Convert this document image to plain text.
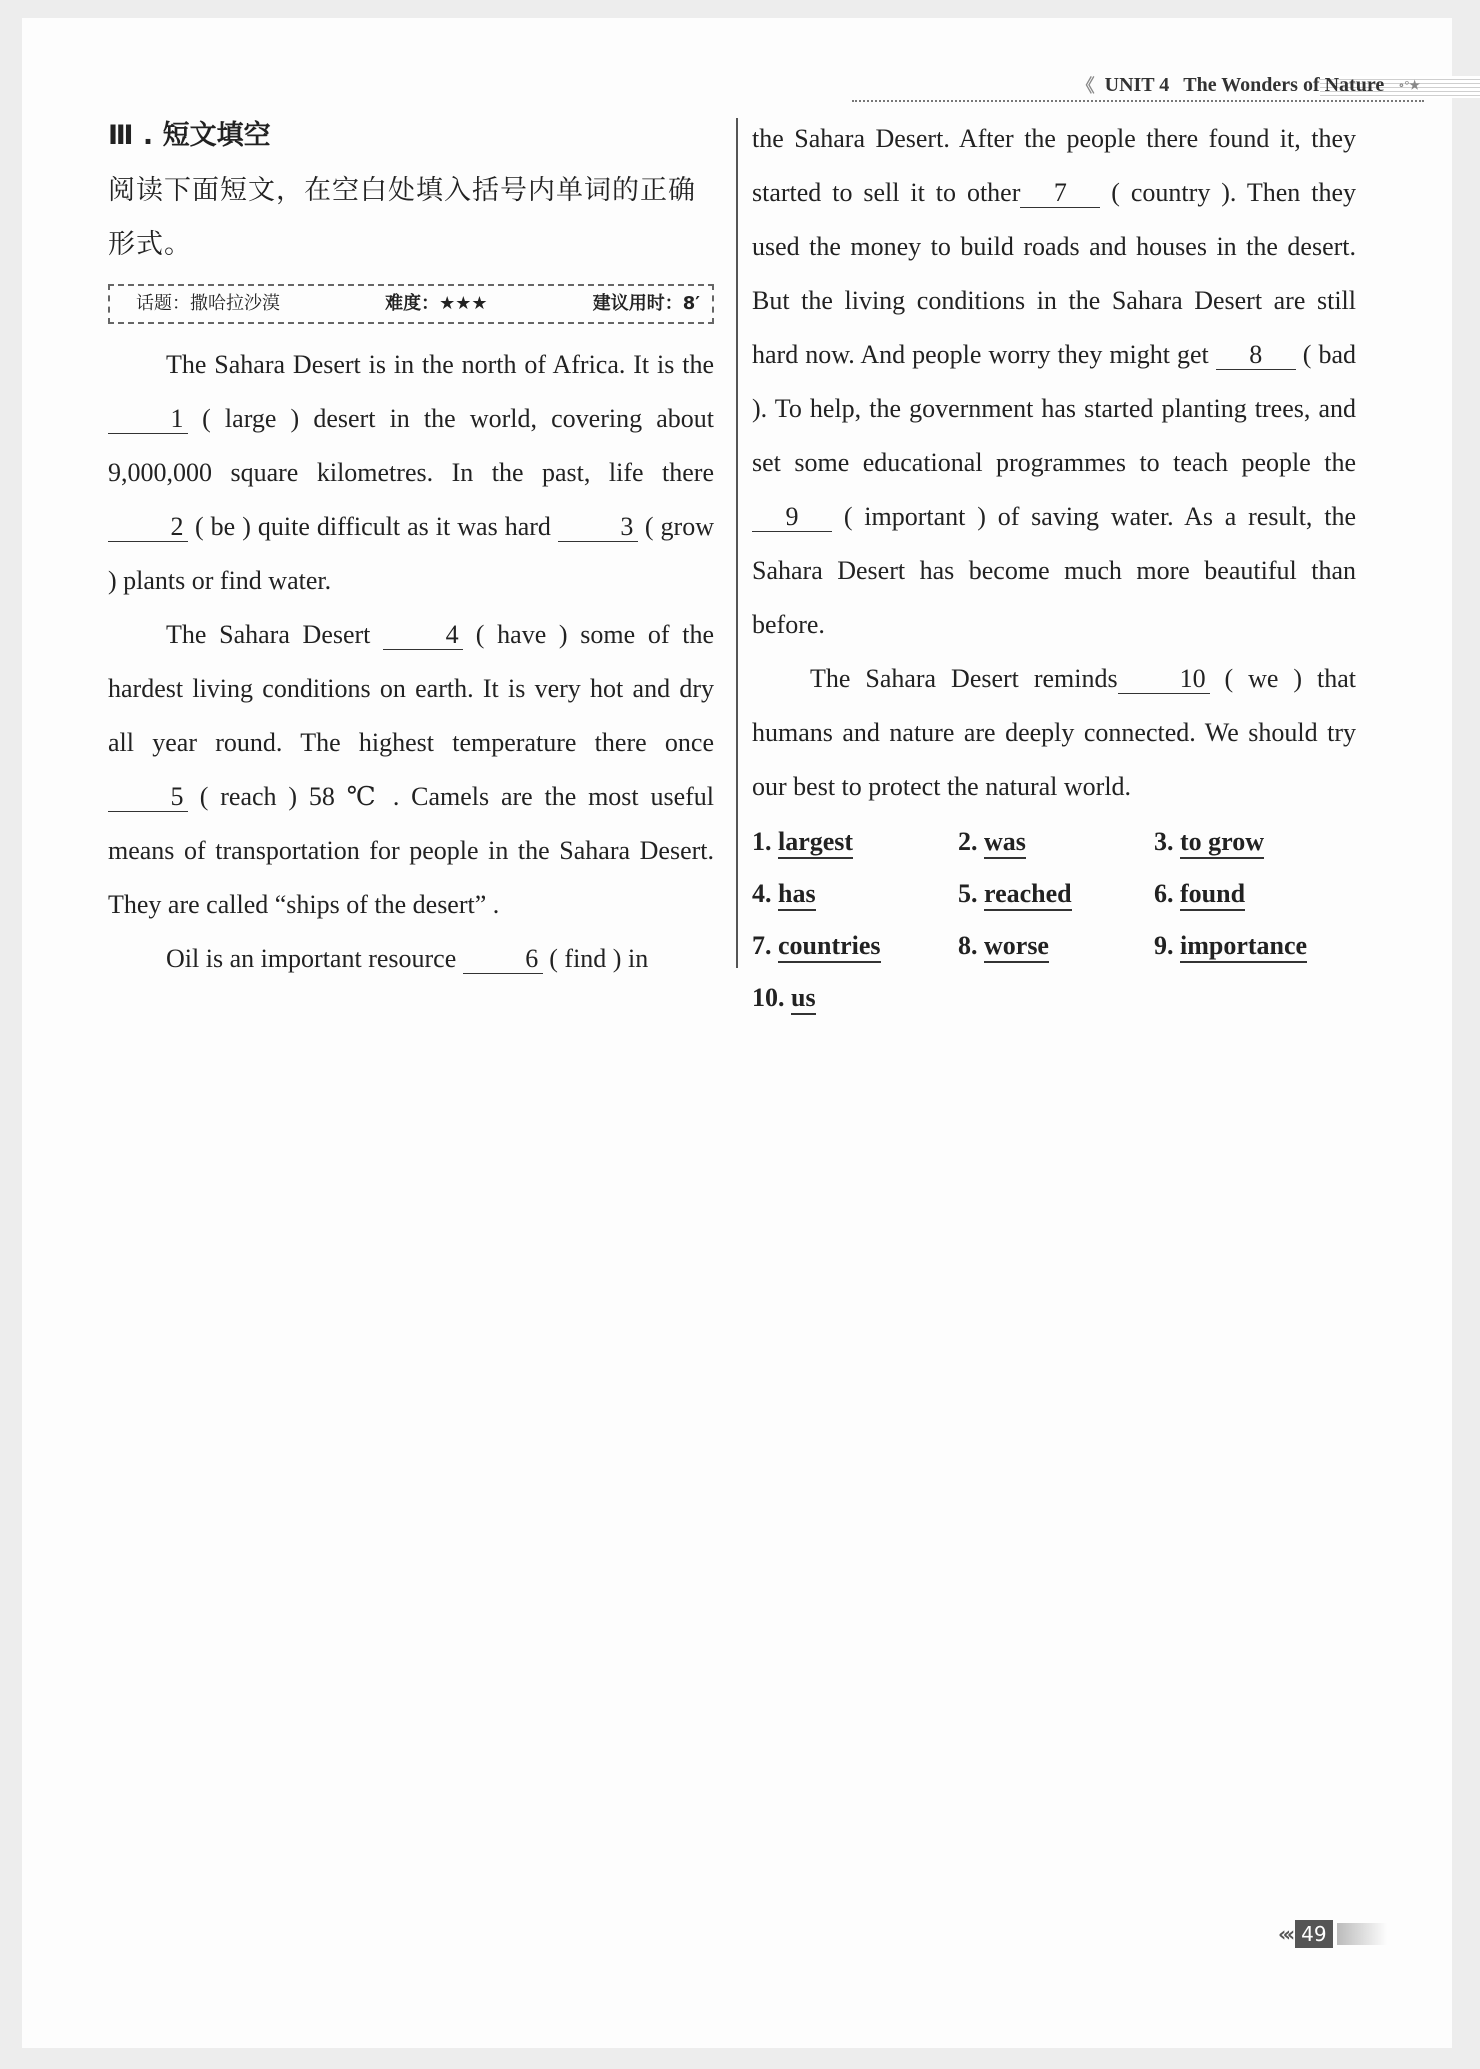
《 UNIT 4 The Wonders of Nature ∘°★
Ⅲ . 短文填空
阅读下面短文，在空白处填入括号内单词的正确形式。
话题：撒哈拉沙漠	难度：★★★	建议用时：8′

The Sahara Desert is in the north of Africa. It is the 1 ( large ) desert in the world, covering about 9,000,000 square kilometres. In the past, life there 2 ( be ) quite difficult as it was hard 3 ( grow ) plants or find water.

The Sahara Desert 4 ( have ) some of the hardest living conditions on earth. It is very hot and dry all year round. The highest temperature there once 5 ( reach ) 58 ℃ . Camels are the most useful means of transportation for people in the Sahara Desert. They are called “ships of the desert” .

Oil is an important resource 6 ( find ) in

the Sahara Desert. After the people there found it, they started to sell it to other 7 ( country ). Then they used the money to build roads and houses in the desert. But the living conditions in the Sahara Desert are still hard now. And people worry they might get 8 ( bad ). To help, the government has started planting trees, and set some educational programmes to teach people the9 ( important ) of saving water. As a result, the Sahara Desert has become much more beautiful than before.

The Sahara Desert reminds 10 ( we ) that humans and nature are deeply connected. We should try our best to protect the natural world.

1. largest	2. was	3. to grow
4. has	5. reached	6. found
7. countries	8. worse	9. importance
10. us
«‹ 49
